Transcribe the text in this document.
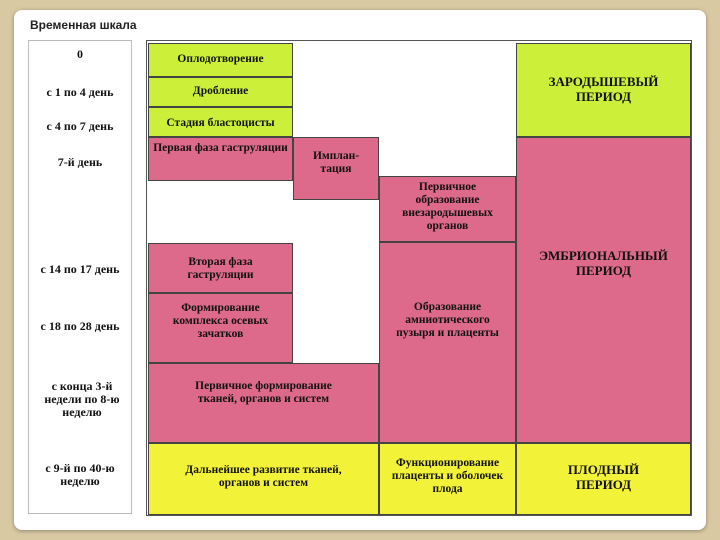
Временная шкала
0
с 1 по 4 день
с 4 по 7 день
7-й день
с 14 по 17 день
с 18 по 28 день
с конца 3-й недели по 8-ю неделю
с 9-й по 40-ю неделю
Оплодотворение
Дробление
Стадия бластоцисты
ЗАРОДЫШЕВЫЙ ПЕРИОД
Первая фаза гаструляции
Имплан-тация
Первичное образование внезародышевых органов
Вторая фаза гаструляции
Формирование комплекса осевых зачатков
Образование амниотического пузыря и плаценты
Первичное формирование тканей, органов и систем
ЭМБРИОНАЛЬНЫЙ ПЕРИОД
Дальнейшее развитие тканей, органов и систем
Функционирование плаценты и оболочек плода
ПЛОДНЫЙ ПЕРИОД
